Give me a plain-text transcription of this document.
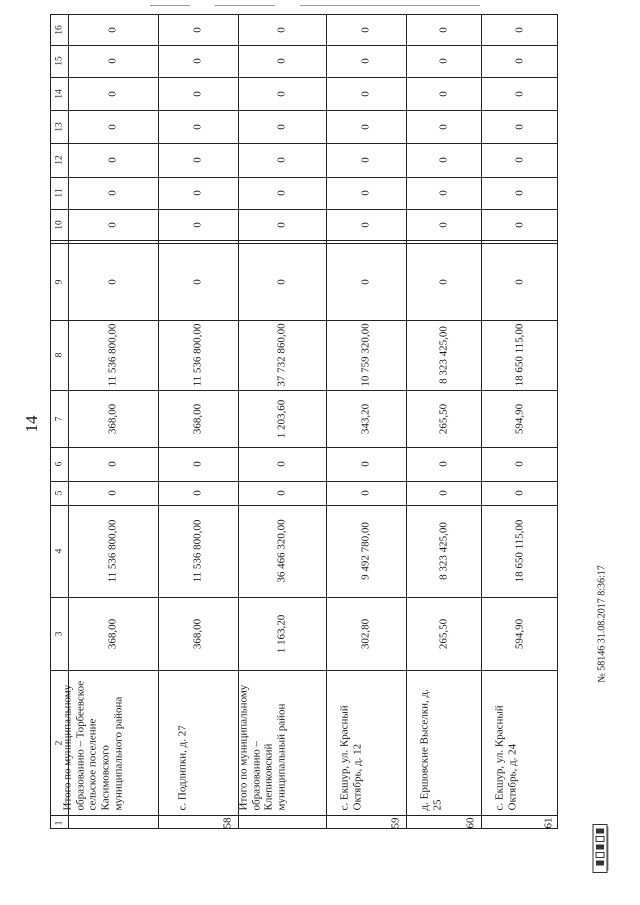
14
16
15
14
13
12
11
10
9
8
7
6
5
4
3
2
1
0
0
0
0
0
0
0
0
11 536 800,00
368,00
0
0
11 536 800,00
368,00
Итого по муниципальному образованию – Торбеевское сельское поселение Касимовского муниципального района
0
0
0
0
0
0
0
0
11 536 800,00
368,00
0
0
11 536 800,00
368,00
с. Подлипки, д. 27
58
0
0
0
0
0
0
0
0
37 732 860,00
1 203,60
0
0
36 466 320,00
1 163,20
Итого по муниципальному образованию – Клепиковский муниципальный район
0
0
0
0
0
0
0
0
10 759 320,00
343,20
0
0
9 492 780,00
302,80
с. Екшур, ул. Красный Октябрь, д. 12
59
0
0
0
0
0
0
0
0
8 323 425,00
265,50
0
0
8 323 425,00
265,50
д. Ершовские Выселки, д. 25
60
0
0
0
0
0
0
0
0
18 650 115,00
594,90
0
0
18 650 115,00
594,90
с. Екшур, ул. Красный Октябрь, д. 24
61
№ 58146 31.08.2017 8:36:17
